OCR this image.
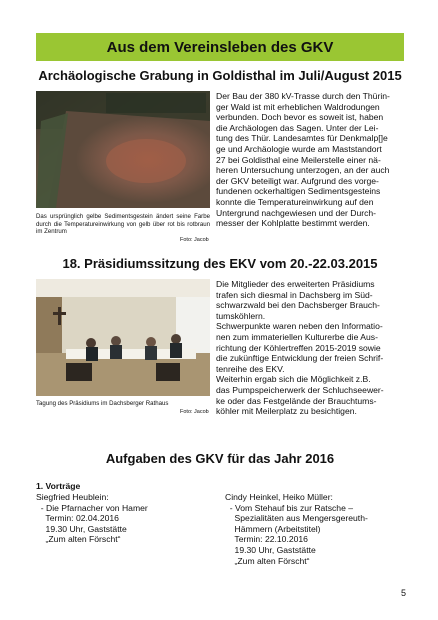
Aus dem Vereinsleben des GKV
Archäologische Grabung in Goldisthal im Juli/August 2015
Das ursprünglich gelbe Sedimentsgestein ändert seine Farbe durch die Temperatureinwirkung von gelb über rot bis rotbraun im Zentrum
Foto: Jacob
Der Bau der 380 kV-Trasse durch den Thürin-
ger Wald ist mit erheblichen Waldrodungen
verbunden. Doch bevor es soweit ist, haben
die Archäologen das Sagen. Unter der Lei-
tung des Thür. Landesamtes für Denkmalp[]e
ge und Archäologie wurde am Maststandort
27 bei Goldisthal eine Meilerstelle einer nä-
heren Untersuchung unterzogen, an der auch
der GKV beteiligt war. Aufgrund des vorge-
fundenen ockerhaltigen Sedimentsgesteins
konnte die Temperatureinwirkung auf den
Untergrund nachgewiesen und der Durch-
messer der Kohlplatte bestimmt werden.
18. Präsidiumssitzung des EKV vom 20.-22.03.2015
Tagung des Präsidiums im Dachsberger Rathaus
Foto: Jacob
Die Mitglieder des erweiterten Präsidiums
trafen sich diesmal in Dachsberg im Süd-
schwarzwald bei den Dachsberger Brauch-
tumsköhlern.
Schwerpunkte waren neben den Informatio-
nen zum immateriellen Kulturerbe die Aus-
richtung der Köhlertreffen 2015-2019 sowie
die zukünftige Entwicklung der freien Schrif-
tenreihe des EKV.
Weiterhin ergab sich die Möglichkeit z.B.
das Pumpspeicherwerk der Schluchseewer-
ke oder das Festgelände der Brauchtums-
köhler mit Meilerplatz zu besichtigen.
Aufgaben des GKV für das Jahr 2016
1. Vorträge
Siegfried Heublein:
- Die Pfarnacher von Hamer
Termin: 02.04.2016
19.30 Uhr, Gaststätte
„Zum alten Förscht“
Cindy Heinkel, Heiko Müller:
- Vom Stehauf bis zur Ratsche –
Spezialitäten aus Mengersgereuth-
Hämmern (Arbeitstitel)
Termin: 22.10.2016
19.30 Uhr, Gaststätte
„Zum alten Förscht“
5
